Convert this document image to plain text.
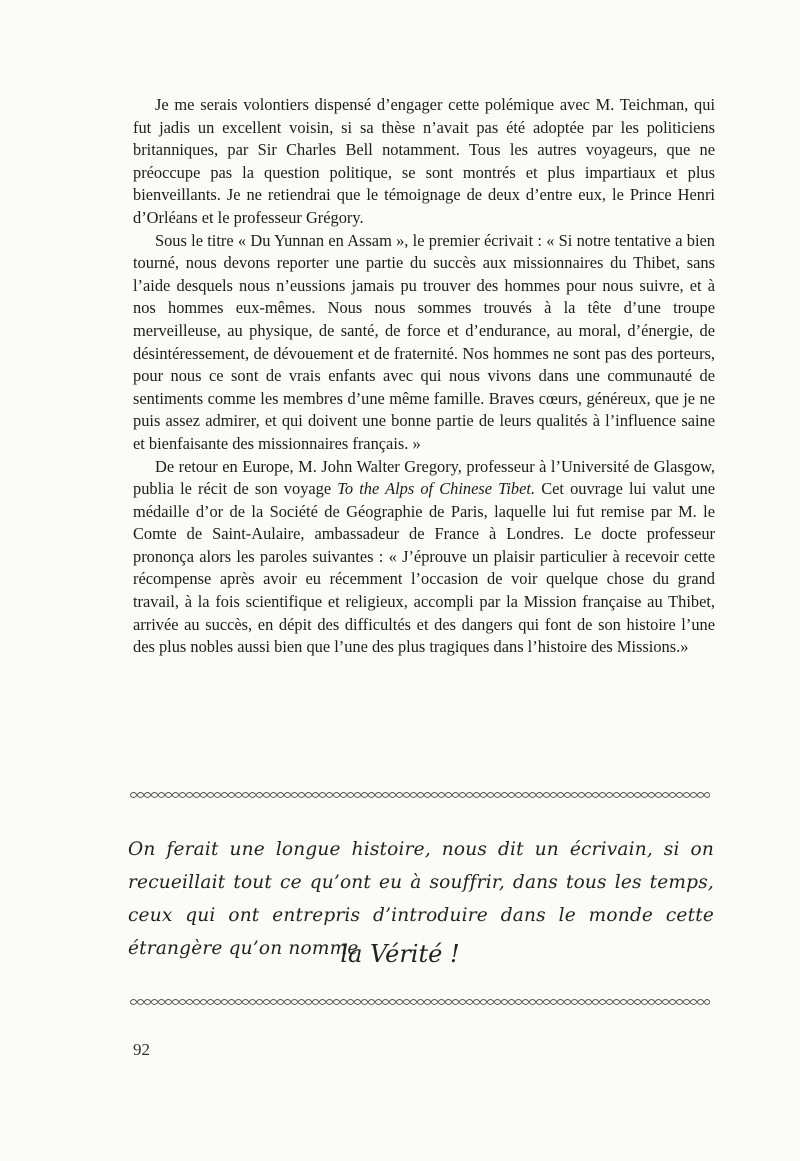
Je me serais volontiers dispensé d’engager cette polémique avec M. Teichman, qui fut jadis un excellent voisin, si sa thèse n’avait pas été adoptée par les politiciens britanniques, par Sir Charles Bell notamment. Tous les autres voyageurs, que ne préoccupe pas la question politique, se sont montrés et plus impartiaux et plus bienveillants. Je ne retiendrai que le témoignage de deux d’entre eux, le Prince Henri d’Orléans et le professeur Grégory.

Sous le titre « Du Yunnan en Assam », le premier écrivait : « Si notre tentative a bien tourné, nous devons reporter une partie du succès aux missionnaires du Thibet, sans l’aide desquels nous n’eussions jamais pu trouver des hommes pour nous suivre, et à nos hommes eux-mêmes. Nous nous sommes trouvés à la tête d’une troupe merveilleuse, au physique, de santé, de force et d’endurance, au moral, d’énergie, de désintéressement, de dévouement et de fraternité. Nos hommes ne sont pas des porteurs, pour nous ce sont de vrais enfants avec qui nous vivons dans une communauté de sentiments comme les membres d’une même famille. Braves cœurs, généreux, que je ne puis assez admirer, et qui doivent une bonne partie de leurs qualités à l’influence saine et bienfaisante des missionnaires français. »

De retour en Europe, M. John Walter Gregory, professeur à l’Université de Glasgow, publia le récit de son voyage To the Alps of Chinese Tibet. Cet ouvrage lui valut une médaille d’or de la Société de Géographie de Paris, laquelle lui fut remise par M. le Comte de Saint-Aulaire, ambassadeur de France à Londres. Le docte professeur prononça alors les paroles suivantes : « J’éprouve un plaisir particulier à recevoir cette récompense après avoir eu récemment l’occasion de voir quelque chose du grand travail, à la fois scientifique et religieux, accompli par la Mission française au Thibet, arrivée au succès, en dépit des difficultés et des dangers qui font de son histoire l’une des plus nobles aussi bien que l’une des plus tragiques dans l’histoire des Missions.»

On ferait une longue histoire, nous dit un écrivain, si on recueillait tout ce qu’ont eu à souffrir, dans tous les temps, ceux qui ont entrepris d’introduire dans le monde cette étrangère qu’on nomme
la Vérité !
92
